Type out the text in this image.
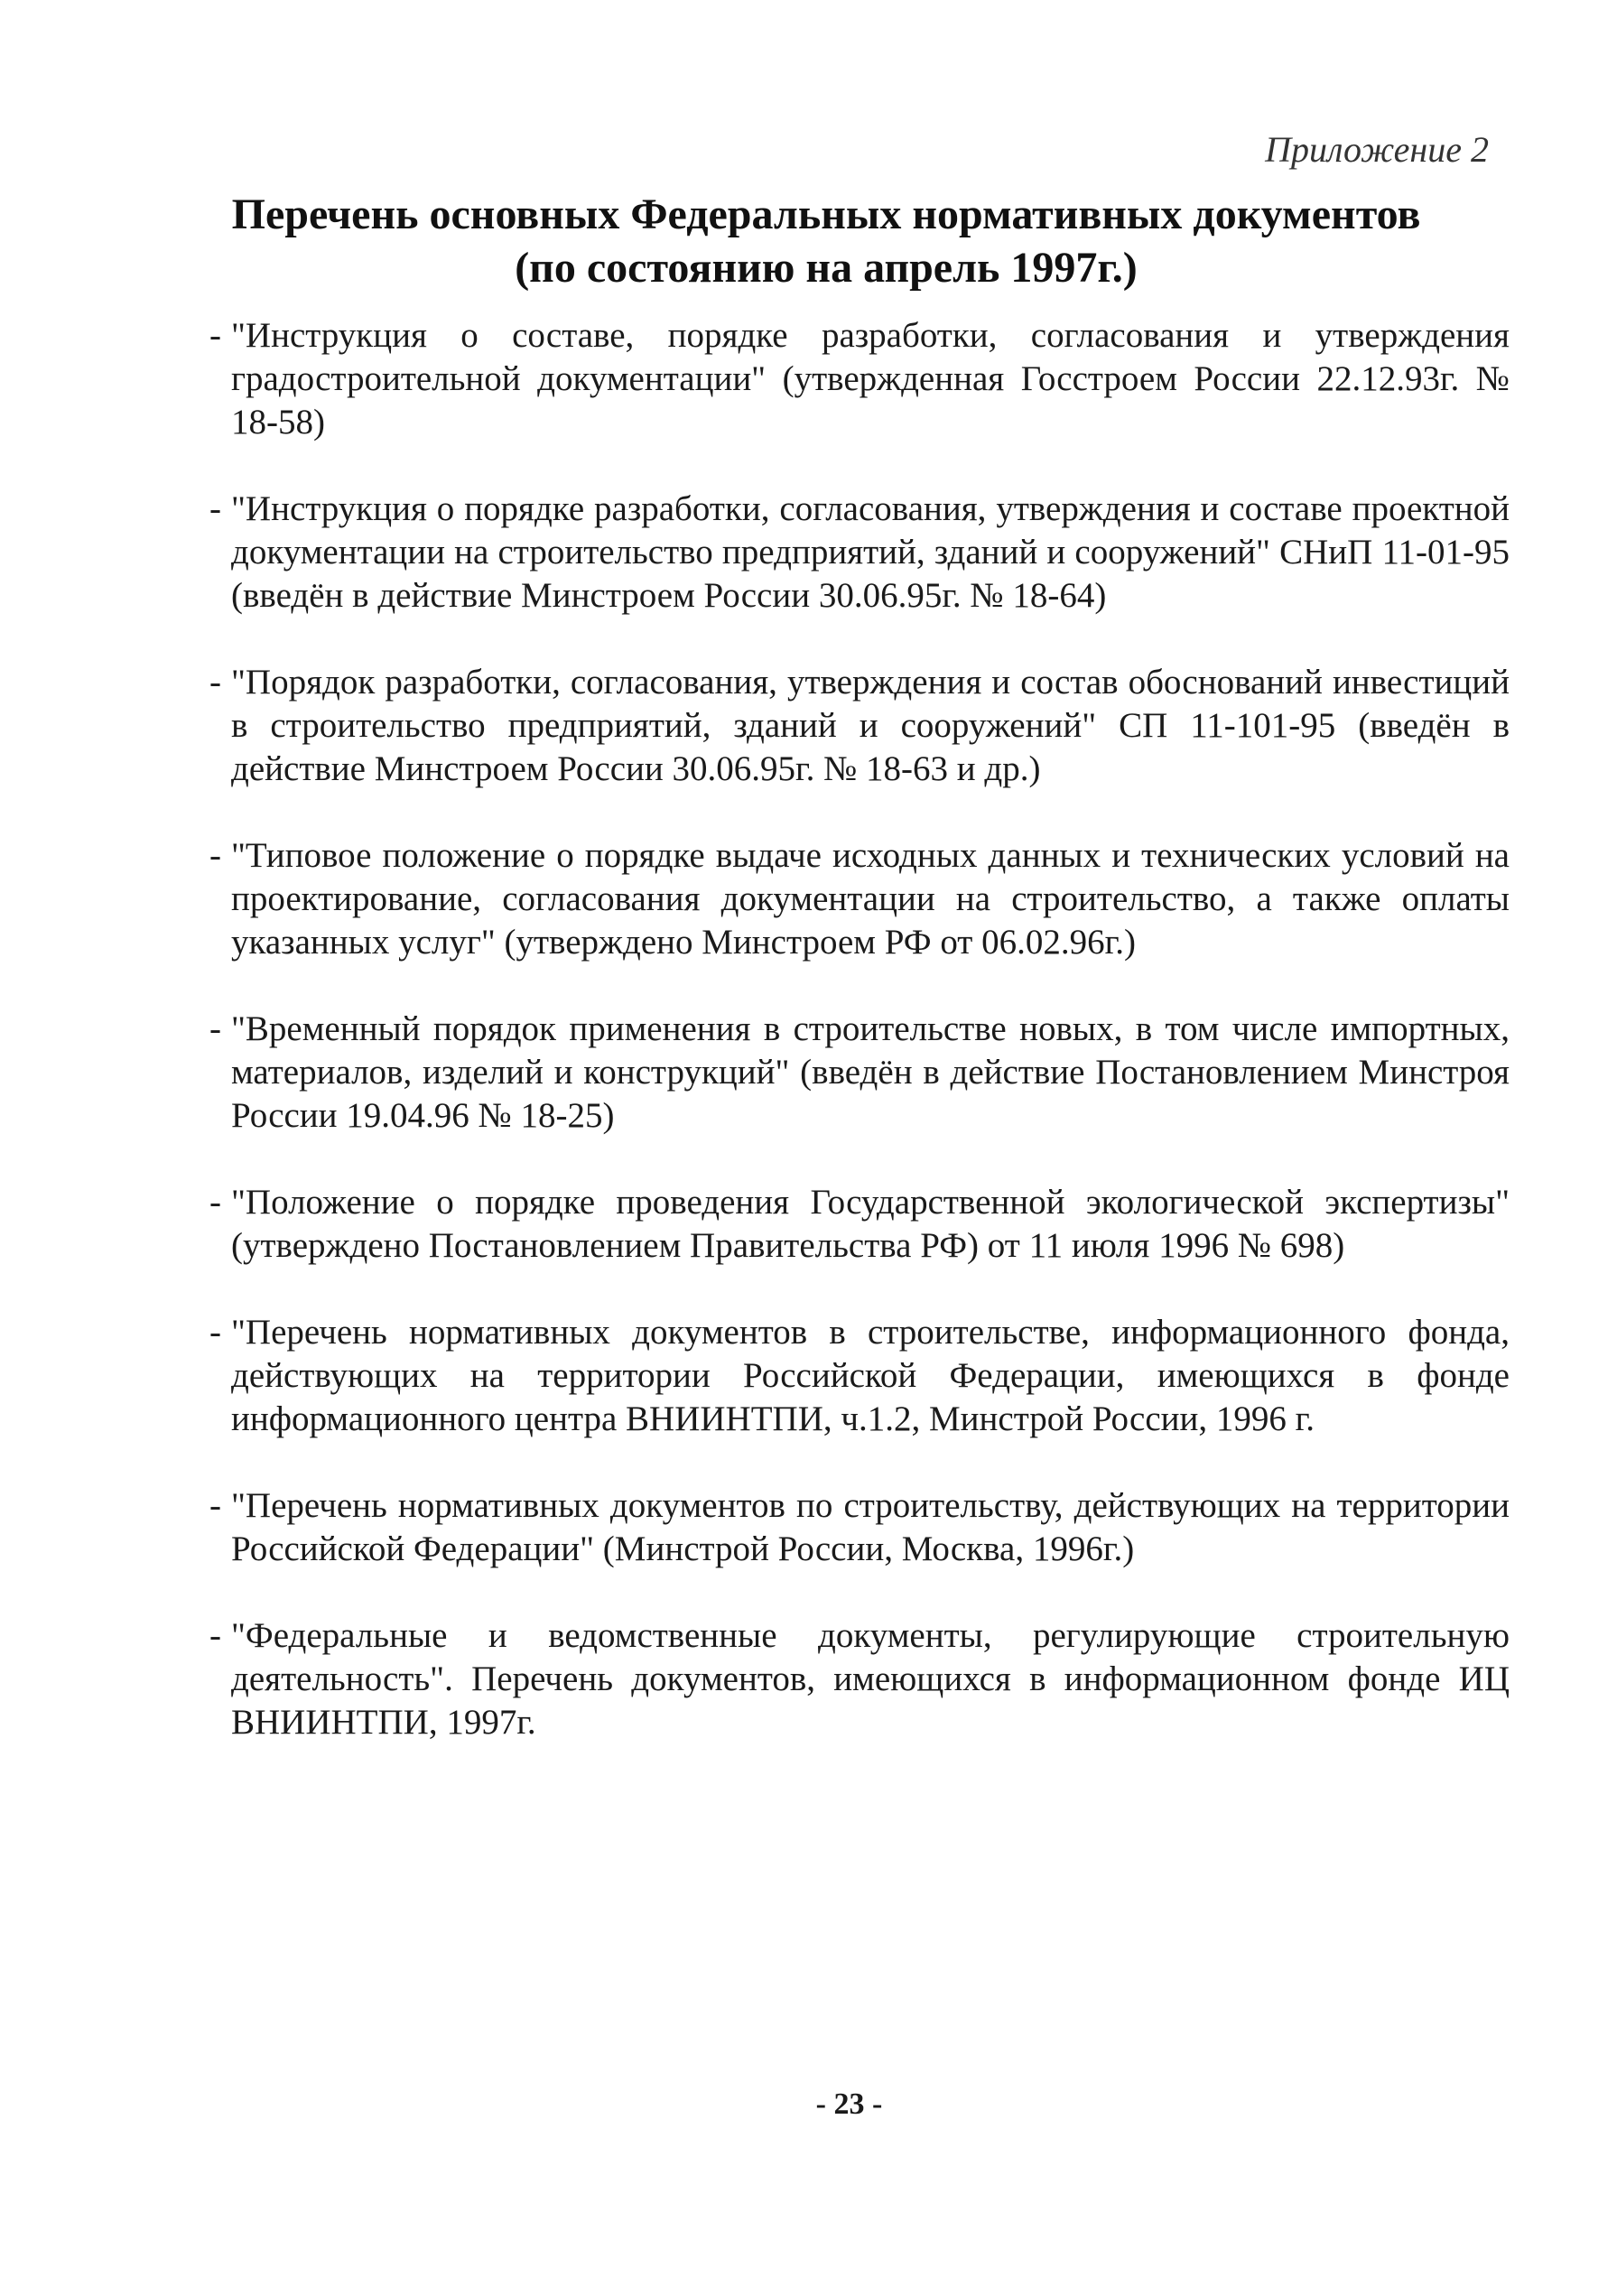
Приложение 2
Перечень основных Федеральных нормативных документов
(по состоянию на апрель 1997г.)
- "Инструкция о составе, порядке разработки, согласования и утверждения градостроительной документации" (утвержденная Госстроем России 22.12.93г. № 18-58)
- "Инструкция о порядке разработки, согласования, утверждения и составе проектной документации на строительство предприятий, зданий и сооружений" СНиП 11-01-95 (введён в действие Минстроем России 30.06.95г. № 18-64)
- "Порядок разработки, согласования, утверждения и состав обоснований инвестиций в строительство предприятий, зданий и сооружений" СП 11-101-95 (введён в действие Минстроем России 30.06.95г. № 18-63 и др.)
- "Типовое положение о порядке выдаче исходных данных и технических условий на проектирование, согласования документации на строительство, а также оплаты указанных услуг" (утверждено Минстроем РФ от 06.02.96г.)
- "Временный порядок применения в строительстве новых, в том числе импортных, материалов, изделий и конструкций" (введён в действие Постановлением Минстроя России 19.04.96 № 18-25)
- "Положение о порядке проведения Государственной экологической экспертизы" (утверждено Постановлением Правительства РФ) от 11 июля 1996 № 698)
- "Перечень нормативных документов в строительстве, информационного фонда, действующих на территории Российской Федерации, имеющихся в фонде информационного центра ВНИИНТПИ, ч.1.2, Минстрой России, 1996 г.
- "Перечень нормативных документов по строительству, действующих на территории Российской Федерации" (Минстрой России, Москва, 1996г.)
- "Федеральные и ведомственные документы, регулирующие строительную деятельность". Перечень документов, имеющихся в информационном фонде ИЦ ВНИИНТПИ, 1997г.
- 23 -
